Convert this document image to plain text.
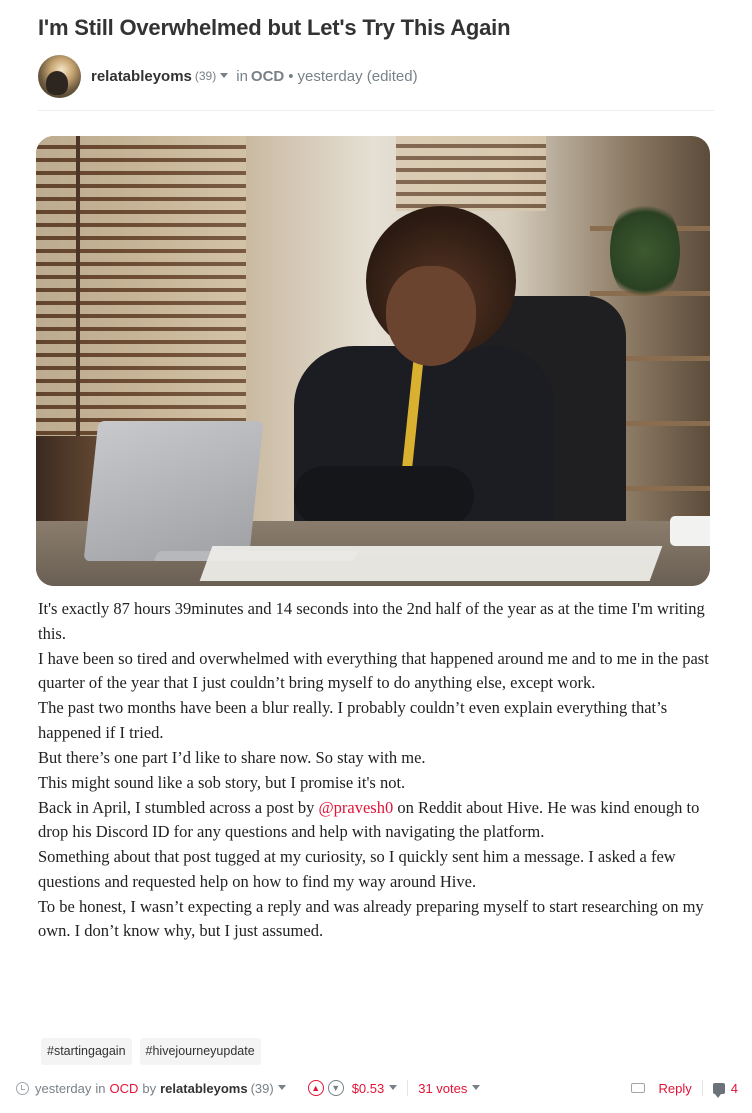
I'm Still Overwhelmed but Let's Try This Again
relatableyoms (39) in OCD • yesterday (edited)

It's exactly 87 hours 39minutes and 14 seconds into the 2nd half of the year as at the time I'm writing this.

I have been so tired and overwhelmed with everything that happened around me and to me in the past quarter of the year that I just couldn’t bring myself to do anything else, except work.

The past two months have been a blur really. I probably couldn’t even explain everything that’s happened if I tried.

But there’s one part I’d like to share now. So stay with me.

This might sound like a sob story, but I promise it's not.

Back in April, I stumbled across a post by @pravesh0 on Reddit about Hive. He was kind enough to drop his Discord ID for any questions and help with navigating the platform.

Something about that post tugged at my curiosity, so I quickly sent him a message. I asked a few questions and requested help on how to find my way around Hive.

To be honest, I wasn’t expecting a reply and was already preparing myself to start researching on my own. I don’t know why, but I just assumed.

#startingagain	#hivejourneyupdate
yesterday in OCD by relatableyoms (39)	▲	▼ $0.53	31 votes	Reply	4
